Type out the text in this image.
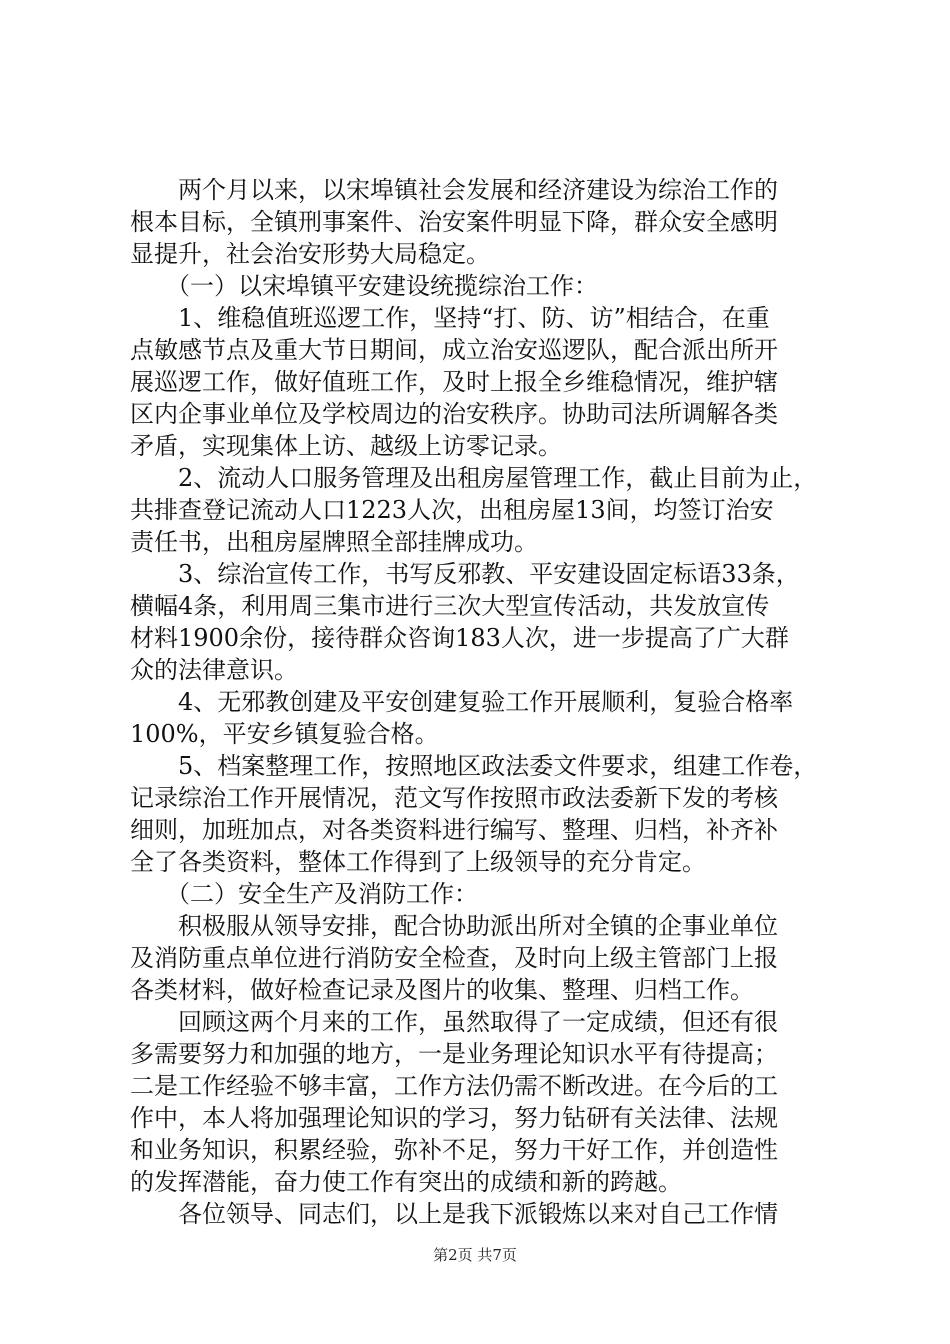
　　两个月以来，以宋埠镇社会发展和经济建设为综治工作的
根本目标，全镇刑事案件、治安案件明显下降，群众安全感明
显提升，社会治安形势大局稳定。
　　（一）以宋埠镇平安建设统揽综治工作：
　　1、维稳值班巡逻工作，坚持“打、防、访”相结合，在重
点敏感节点及重大节日期间，成立治安巡逻队，配合派出所开
展巡逻工作，做好值班工作，及时上报全乡维稳情况，维护辖
区内企事业单位及学校周边的治安秩序。协助司法所调解各类
矛盾，实现集体上访、越级上访零记录。
　　2、流动人口服务管理及出租房屋管理工作，截止目前为止，
共排查登记流动人口1223人次，出租房屋13间，均签订治安
责任书，出租房屋牌照全部挂牌成功。
　　3、综治宣传工作，书写反邪教、平安建设固定标语33条，
横幅4条，利用周三集市进行三次大型宣传活动，共发放宣传
材料1900余份，接待群众咨询183人次，进一步提高了广大群
众的法律意识。
　　4、无邪教创建及平安创建复验工作开展顺利，复验合格率
100%，平安乡镇复验合格。
　　5、档案整理工作，按照地区政法委文件要求，组建工作卷，
记录综治工作开展情况，范文写作按照市政法委新下发的考核
细则，加班加点，对各类资料进行编写、整理、归档，补齐补
全了各类资料，整体工作得到了上级领导的充分肯定。
　　（二）安全生产及消防工作：
　　积极服从领导安排，配合协助派出所对全镇的企事业单位
及消防重点单位进行消防安全检查，及时向上级主管部门上报
各类材料，做好检查记录及图片的收集、整理、归档工作。
　　回顾这两个月来的工作，虽然取得了一定成绩，但还有很
多需要努力和加强的地方，一是业务理论知识水平有待提高；
二是工作经验不够丰富，工作方法仍需不断改进。在今后的工
作中，本人将加强理论知识的学习，努力钻研有关法律、法规
和业务知识，积累经验，弥补不足，努力干好工作，并创造性
的发挥潜能，奋力使工作有突出的成绩和新的跨越。
　　各位领导、同志们，以上是我下派锻炼以来对自己工作情
第2页 共7页
